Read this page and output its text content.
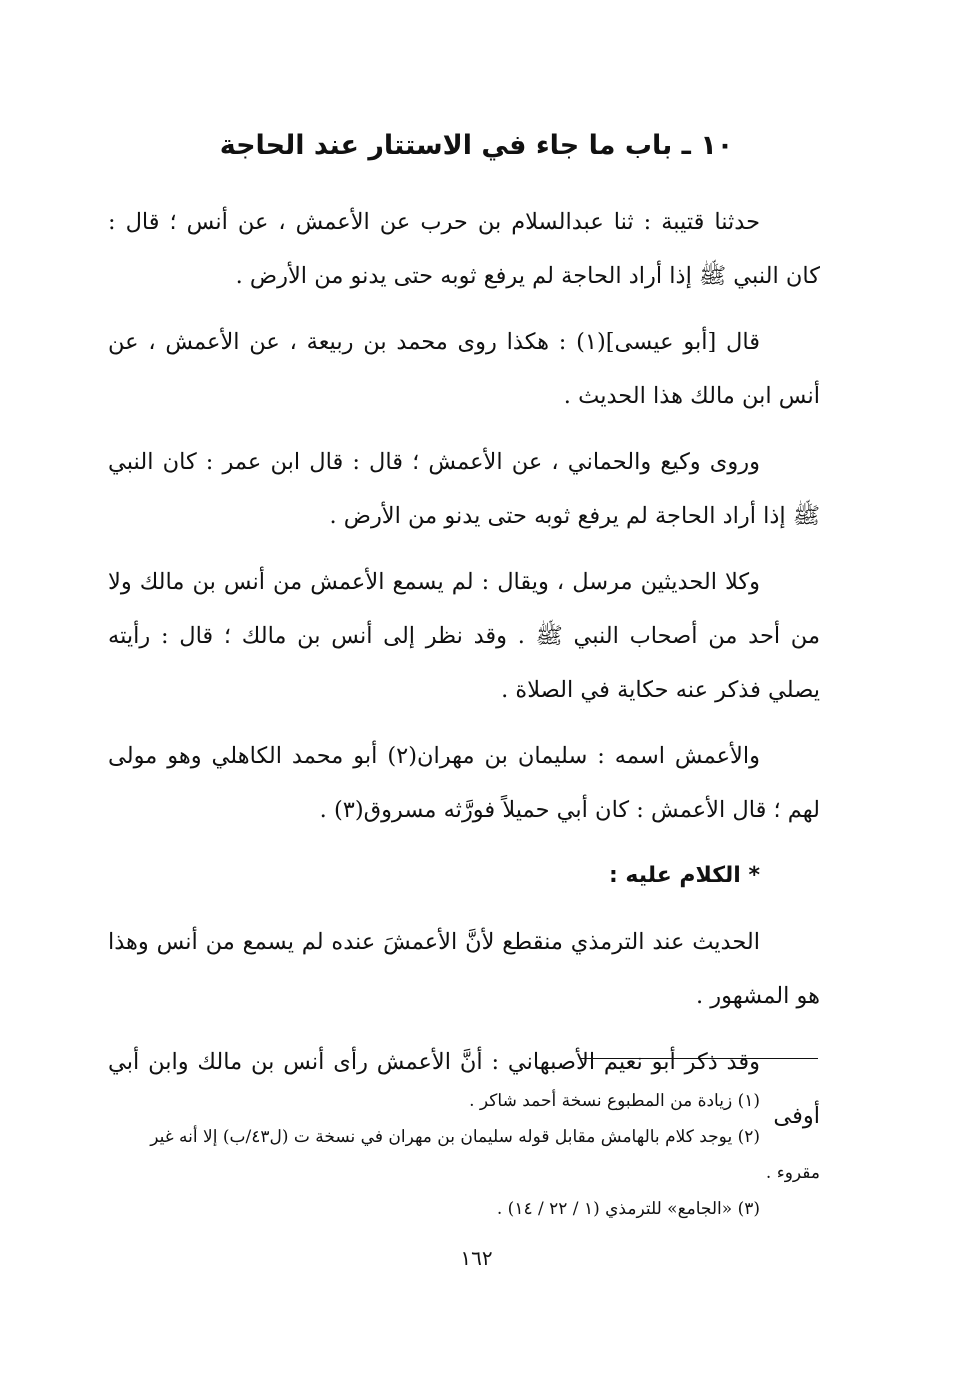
١٠ ـ باب ما جاء في الاستتار عند الحاجة

حدثنا قتيبة : ثنا عبدالسلام بن حرب عن الأعمش ، عن أنس ؛ قال : كان النبي ﷺ إذا أراد الحاجة لم يرفع ثوبه حتى يدنو من الأرض .

قال [أبو عيسى](١) : هكذا روى محمد بن ربيعة ، عن الأعمش ، عن أنس ابن مالك هذا الحديث .

وروى وكيع والحماني ، عن الأعمش ؛ قال : قال ابن عمر : كان النبي ﷺ إذا أراد الحاجة لم يرفع ثوبه حتى يدنو من الأرض .

وكلا الحديثين مرسل ، ويقال : لم يسمع الأعمش من أنس بن مالك ولا من أحد من أصحاب النبي ﷺ . وقد نظر إلى أنس بن مالك ؛ قال : رأيته يصلي فذكر عنه حكاية في الصلاة .

والأعمش اسمه : سليمان بن مهران(٢) أبو محمد الكاهلي وهو مولى لهم ؛ قال الأعمش : كان أبي حميلاً فورَّثه مسروق(٣) .

* الكلام عليه :

الحديث عند الترمذي منقطع لأنَّ الأعمشَ عنده لم يسمع من أنس وهذا هو المشهور .

وقد ذكر أبو نعيم الأصبهاني : أنَّ الأعمش رأى أنس بن مالك وابن أبي أوفى

(١) زيادة من المطبوع نسخة أحمد شاكر .

(٢) يوجد كلام بالهامش مقابل قوله سليمان بن مهران في نسخة ت (ل٤٣/ب) إلا أنه غير

مقروء .

(٣) «الجامع» للترمذي (١ / ٢٢ / ١٤) .

١٦٢
